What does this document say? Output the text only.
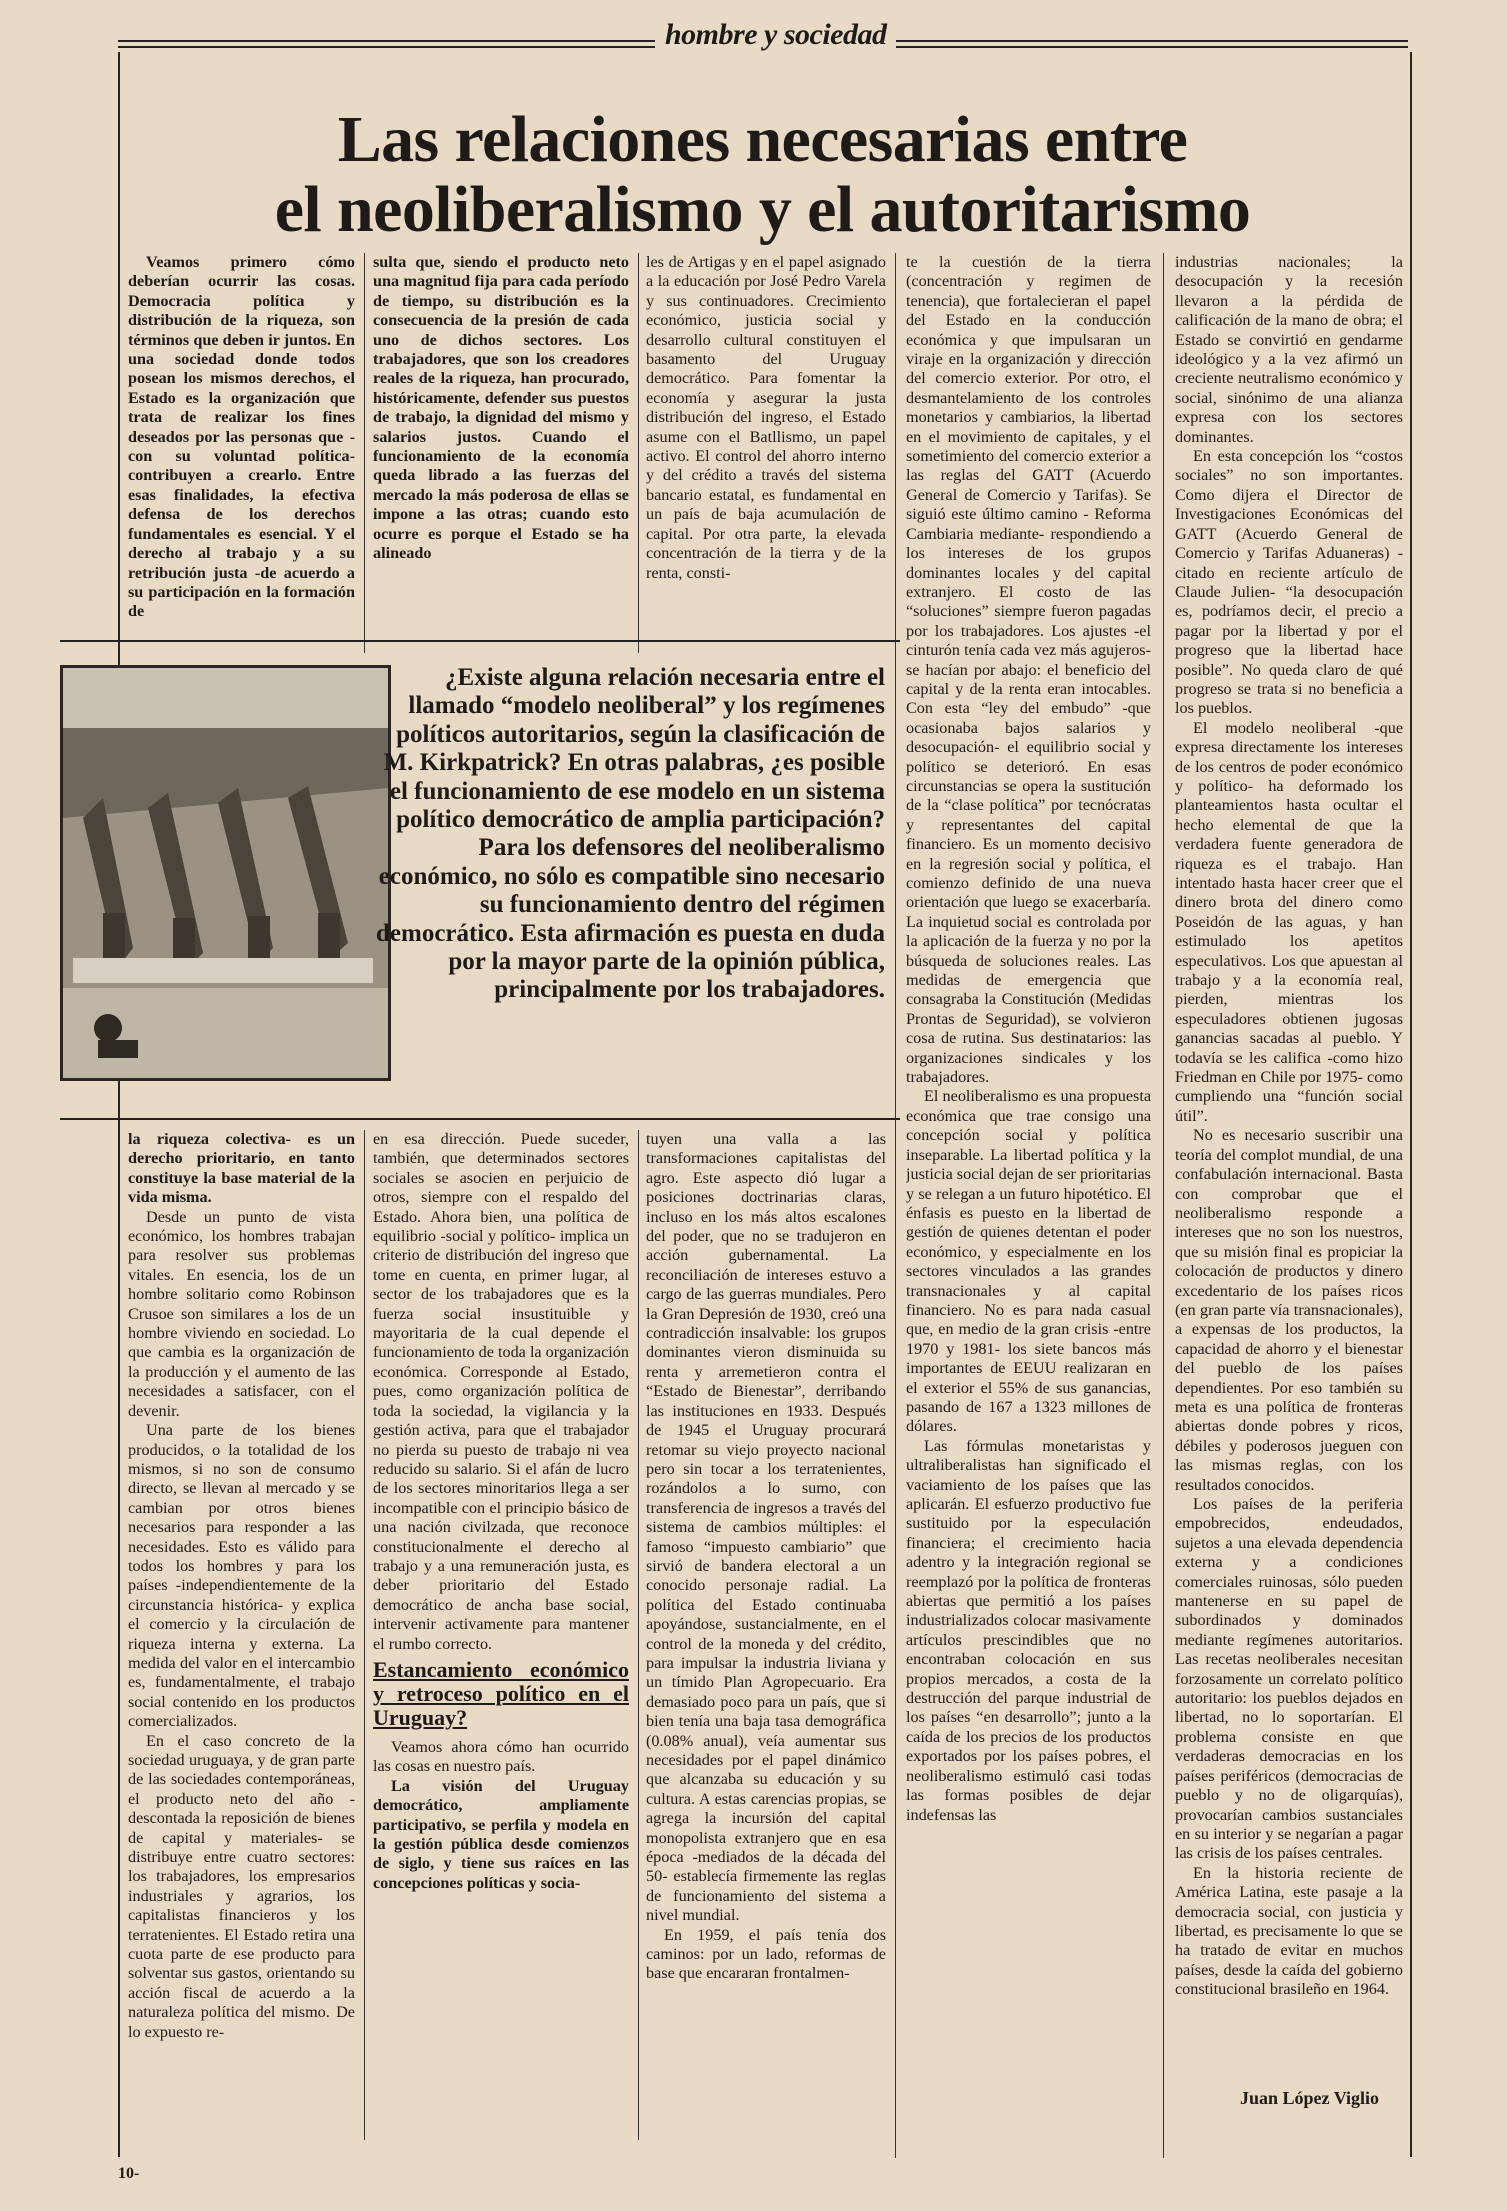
hombre y sociedad
Las relaciones necesarias entre
el neoliberalismo y el autoritarismo

Veamos primero cómo deberían ocurrir las cosas. Democracia política y distribución de la riqueza, son términos que deben ir juntos. En una sociedad donde todos posean los mismos derechos, el Estado es la organización que trata de realizar los fines deseados por las personas que -con su voluntad política- contribuyen a crearlo. Entre esas finalidades, la efectiva defensa de los derechos fundamentales es esencial. Y el derecho al trabajo y a su retribución justa -de acuerdo a su participación en la formación de

sulta que, siendo el producto neto una magnitud fija para cada período de tiempo, su distribución es la consecuencia de la presión de cada uno de dichos sectores. Los trabajadores, que son los creadores reales de la riqueza, han procurado, históricamente, defender sus puestos de trabajo, la dignidad del mismo y salarios justos. Cuando el funcionamiento de la economía queda librado a las fuerzas del mercado la más poderosa de ellas se impone a las otras; cuando esto ocurre es porque el Estado se ha alineado

les de Artigas y en el papel asignado a la educación por José Pedro Varela y sus continuadores. Crecimiento económico, justicia social y desarrollo cultural constituyen el basamento del Uruguay democrático. Para fomentar la economía y asegurar la justa distribución del ingreso, el Estado asume con el Batllismo, un papel activo. El control del ahorro interno y del crédito a través del sistema bancario estatal, es fundamental en un país de baja acumulación de capital. Por otra parte, la elevada concentración de la tierra y de la renta, consti-

te la cuestión de la tierra (concentración y regimen de tenencia), que fortalecieran el papel del Estado en la conducción económica y que impulsaran un viraje en la organización y dirección del comercio exterior. Por otro, el desmantelamiento de los controles monetarios y cambiarios, la libertad en el movimiento de capitales, y el sometimiento del comercio exterior a las reglas del GATT (Acuerdo General de Comercio y Tarifas). Se siguió este último camino - Reforma Cambiaria mediante- respondiendo a los intereses de los grupos dominantes locales y del capital extranjero. El costo de las “soluciones” siempre fueron pagadas por los trabajadores. Los ajustes -el cinturón tenía cada vez más agujeros- se hacían por abajo: el beneficio del capital y de la renta eran intocables. Con esta “ley del embudo” -que ocasionaba bajos salarios y desocupación- el equilibrio social y político se deterioró. En esas circunstancias se opera la sustitución de la “clase política” por tecnócratas y representantes del capital financiero. Es un momento decisivo en la regresión social y política, el comienzo definido de una nueva orientación que luego se exacerbaría. La inquietud social es controlada por la aplicación de la fuerza y no por la búsqueda de soluciones reales. Las medidas de emergencia que consagraba la Constitución (Medidas Prontas de Seguridad), se volvieron cosa de rutina. Sus destinatarios: las organizaciones sindicales y los trabajadores.

El neoliberalismo es una propuesta económica que trae consigo una concepción social y política inseparable. La libertad política y la justicia social dejan de ser prioritarias y se relegan a un futuro hipotético. El énfasis es puesto en la libertad de gestión de quienes detentan el poder económico, y especialmente en los sectores vinculados a las grandes transnacionales y al capital financiero. No es para nada casual que, en medio de la gran crisis -entre 1970 y 1981- los siete bancos más importantes de EEUU realizaran en el exterior el 55% de sus ganancias, pasando de 167 a 1323 millones de dólares.

Las fórmulas monetaristas y ultraliberalistas han significado el vaciamiento de los países que las aplicarán. El esfuerzo productivo fue sustituido por la especulación financiera; el crecimiento hacia adentro y la integración regional se reemplazó por la política de fronteras abiertas que permitió a los países industrializados colocar masivamente artículos prescindibles que no encontraban colocación en sus propios mercados, a costa de la destrucción del parque industrial de los países “en desarrollo”; junto a la caída de los precios de los productos exportados por los países pobres, el neoliberalismo estimuló casi todas las formas posibles de dejar indefensas las

industrias nacionales; la desocupación y la recesión llevaron a la pérdida de calificación de la mano de obra; el Estado se convirtió en gendarme ideológico y a la vez afirmó un creciente neutralismo económico y social, sinónimo de una alianza expresa con los sectores dominantes.

En esta concepción los “costos sociales” no son importantes. Como dijera el Director de Investigaciones Económicas del GATT (Acuerdo General de Comercio y Tarifas Aduaneras) -citado en reciente artículo de Claude Julien- “la desocupación es, podríamos decir, el precio a pagar por la libertad y por el progreso que la libertad hace posible”. No queda claro de qué progreso se trata si no beneficia a los pueblos.

El modelo neoliberal -que expresa directamente los intereses de los centros de poder económico y político- ha deformado los planteamientos hasta ocultar el hecho elemental de que la verdadera fuente generadora de riqueza es el trabajo. Han intentado hasta hacer creer que el dinero brota del dinero como Poseidón de las aguas, y han estimulado los apetitos especulativos. Los que apuestan al trabajo y a la economía real, pierden, mientras los especuladores obtienen jugosas ganancias sacadas al pueblo. Y todavía se les califica -como hizo Friedman en Chile por 1975- como cumpliendo una “función social útil”.

No es necesario suscribir una teoría del complot mundial, de una confabulación internacional. Basta con comprobar que el neoliberalismo responde a intereses que no son los nuestros, que su misión final es propiciar la colocación de productos y dinero excedentario de los países ricos (en gran parte vía transnacionales), a expensas de los productos, la capacidad de ahorro y el bienestar del pueblo de los países dependientes. Por eso también su meta es una política de fronteras abiertas donde pobres y ricos, débiles y poderosos jueguen con las mismas reglas, con los resultados conocidos.

Los países de la periferia empobrecidos, endeudados, sujetos a una elevada dependencia externa y a condiciones comerciales ruinosas, sólo pueden mantenerse en su papel de subordinados y dominados mediante regímenes autoritarios. Las recetas neoliberales necesitan forzosamente un correlato político autoritario: los pueblos dejados en libertad, no lo soportarían. El problema consiste en que verdaderas democracias en los países periféricos (democracias de pueblo y no de oligarquías), provocarían cambios sustanciales en su interior y se negarían a pagar las crisis de los países centrales.

En la historia reciente de América Latina, este pasaje a la democracia social, con justicia y libertad, es precisamente lo que se ha tratado de evitar en muchos países, desde la caída del gobierno constitucional brasileño en 1964.

¿Existe alguna relación necesaria entre el llamado “modelo neoliberal” y los regímenes políticos autoritarios, según la clasificación de M. Kirkpatrick? En otras palabras, ¿es posible el funcionamiento de ese modelo en un sistema político democrático de amplia participación? Para los defensores del neoliberalismo económico, no sólo es compatible sino necesario su funcionamiento dentro del régimen democrático. Esta afirmación es puesta en duda por la mayor parte de la opinión pública, principalmente por los trabajadores.

la riqueza colectiva- es un derecho prioritario, en tanto constituye la base material de la vida misma.

Desde un punto de vista económico, los hombres trabajan para resolver sus problemas vitales. En esencia, los de un hombre solitario como Robinson Crusoe son similares a los de un hombre viviendo en sociedad. Lo que cambia es la organización de la producción y el aumento de las necesidades a satisfacer, con el devenir.

Una parte de los bienes producidos, o la totalidad de los mismos, si no son de consumo directo, se llevan al mercado y se cambian por otros bienes necesarios para responder a las necesidades. Esto es válido para todos los hombres y para los países -independientemente de la circunstancia histórica- y explica el comercio y la circulación de riqueza interna y externa. La medida del valor en el intercambio es, fundamentalmente, el trabajo social contenido en los productos comercializados.

En el caso concreto de la sociedad uruguaya, y de gran parte de las sociedades contemporáneas, el producto neto del año -descontada la reposición de bienes de capital y materiales- se distribuye entre cuatro sectores: los trabajadores, los empresarios industriales y agrarios, los capitalistas financieros y los terratenientes. El Estado retira una cuota parte de ese producto para solventar sus gastos, orientando su acción fiscal de acuerdo a la naturaleza política del mismo. De lo expuesto re-

en esa dirección. Puede suceder, también, que determinados sectores sociales se asocien en perjuicio de otros, siempre con el respaldo del Estado. Ahora bien, una política de equilibrio -social y político- implica un criterio de distribución del ingreso que tome en cuenta, en primer lugar, al sector de los trabajadores que es la fuerza social insustituible y mayoritaria de la cual depende el funcionamiento de toda la organización económica. Corresponde al Estado, pues, como organización política de toda la sociedad, la vigilancia y la gestión activa, para que el trabajador no pierda su puesto de trabajo ni vea reducido su salario. Si el afán de lucro de los sectores minoritarios llega a ser incompatible con el principio básico de una nación civilzada, que reconoce constitucionalmente el derecho al trabajo y a una remuneración justa, es deber prioritario del Estado democrático de ancha base social, intervenir activamente para mantener el rumbo correcto.

Estancamiento económico y retroceso político en el Uruguay?

Veamos ahora cómo han ocurrido las cosas en nuestro país.

La visión del Uruguay democrático, ampliamente participativo, se perfila y modela en la gestión pública desde comienzos de siglo, y tiene sus raíces en las concepciones políticas y socia-

tuyen una valla a las transformaciones capitalistas del agro. Este aspecto dió lugar a posiciones doctrinarias claras, incluso en los más altos escalones del poder, que no se tradujeron en acción gubernamental. La reconciliación de intereses estuvo a cargo de las guerras mundiales. Pero la Gran Depresión de 1930, creó una contradicción insalvable: los grupos dominantes vieron disminuida su renta y arremetieron contra el “Estado de Bienestar”, derribando las instituciones en 1933. Después de 1945 el Uruguay procurará retomar su viejo proyecto nacional pero sin tocar a los terratenientes, rozándolos a lo sumo, con transferencia de ingresos a través del sistema de cambios múltiples: el famoso “impuesto cambiario” que sirvió de bandera electoral a un conocido personaje radial. La política del Estado continuaba apoyándose, sustancialmente, en el control de la moneda y del crédito, para impulsar la industria liviana y un tímido Plan Agropecuario. Era demasiado poco para un país, que si bien tenía una baja tasa demográfica (0.08% anual), veía aumentar sus necesidades por el papel dinámico que alcanzaba su educación y su cultura. A estas carencias propias, se agrega la incursión del capital monopolista extranjero que en esa época -mediados de la década del 50- establecía firmemente las reglas de funcionamiento del sistema a nivel mundial.

En 1959, el país tenía dos caminos: por un lado, reformas de base que encararan frontalmen-

Juan López Viglio
10-
